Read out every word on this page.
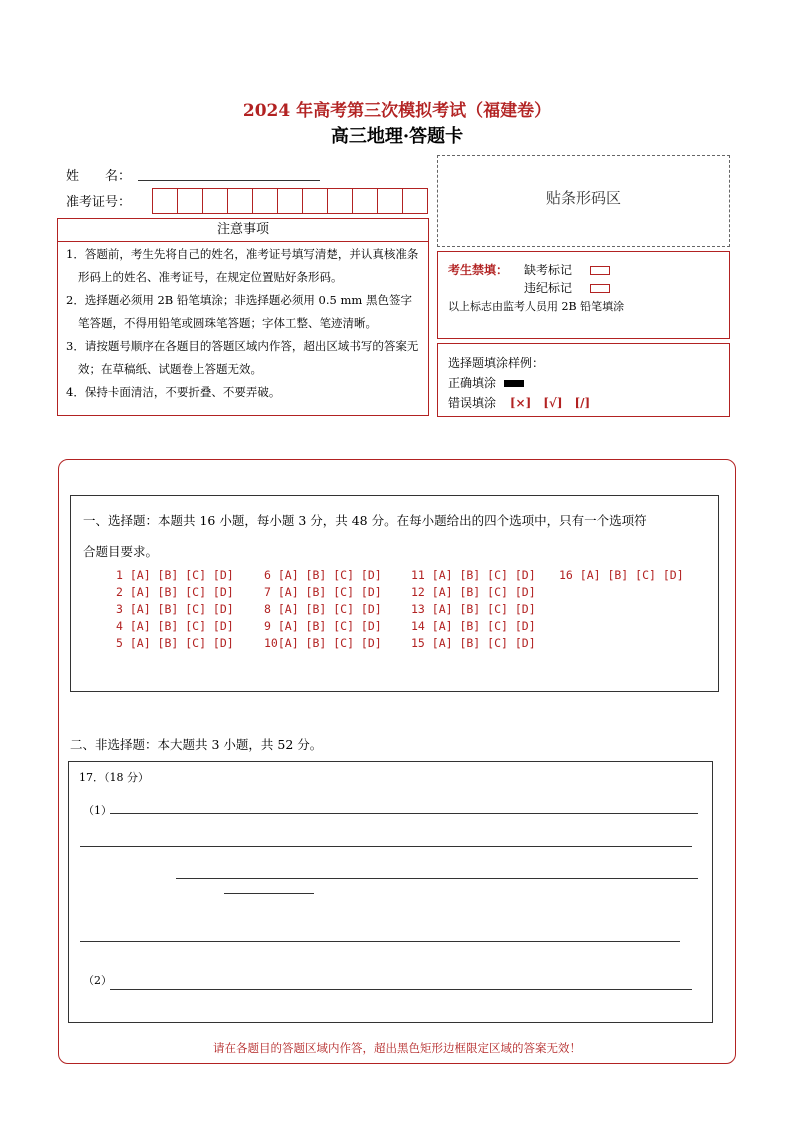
2024 年高考第三次模拟考试（福建卷）
高三地理·答题卡
姓　　名：
准考证号：	贴条形码区
注意事项

1．答题前，考生先将自己的姓名，准考证号填写清楚，并认真核准条形码上的姓名、准考证号，在规定位置贴好条形码。

2．选择题必须用 2B 铅笔填涂；非选择题必须用 0.5 mm 黑色签字笔答题，不得用铅笔或圆珠笔答题；字体工整、笔迹清晰。

3．请按题号顺序在各题目的答题区域内作答，超出区域书写的答案无效；在草稿纸、试题卷上答题无效。

4．保持卡面清洁，不要折叠、不要弄破。

考生禁填： 缺考标记
违纪标记
以上标志由监考人员用 2B 铅笔填涂
选择题填涂样例：
正确填涂
错误填涂 [×]　[√]　[/]
一、选择题：本题共 16 小题，每小题 3 分，共 48 分。在每小题给出的四个选项中，只有一个选项符
合题目要求。
1 [A] [B] [C] [D]
2 [A] [B] [C] [D]
3 [A] [B] [C] [D]
4 [A] [B] [C] [D]
5 [A] [B] [C] [D]
6 [A] [B] [C] [D]
7 [A] [B] [C] [D]
8 [A] [B] [C] [D]
9 [A] [B] [C] [D]
10[A] [B] [C] [D]
11 [A] [B] [C] [D]
12 [A] [B] [C] [D]
13 [A] [B] [C] [D]
14 [A] [B] [C] [D]
15 [A] [B] [C] [D]
16 [A] [B] [C] [D]
二、非选择题：本大题共 3 小题，共 52 分。
17．（18 分）
（1）
（2）
请在各题目的答题区域内作答，超出黑色矩形边框限定区域的答案无效！
